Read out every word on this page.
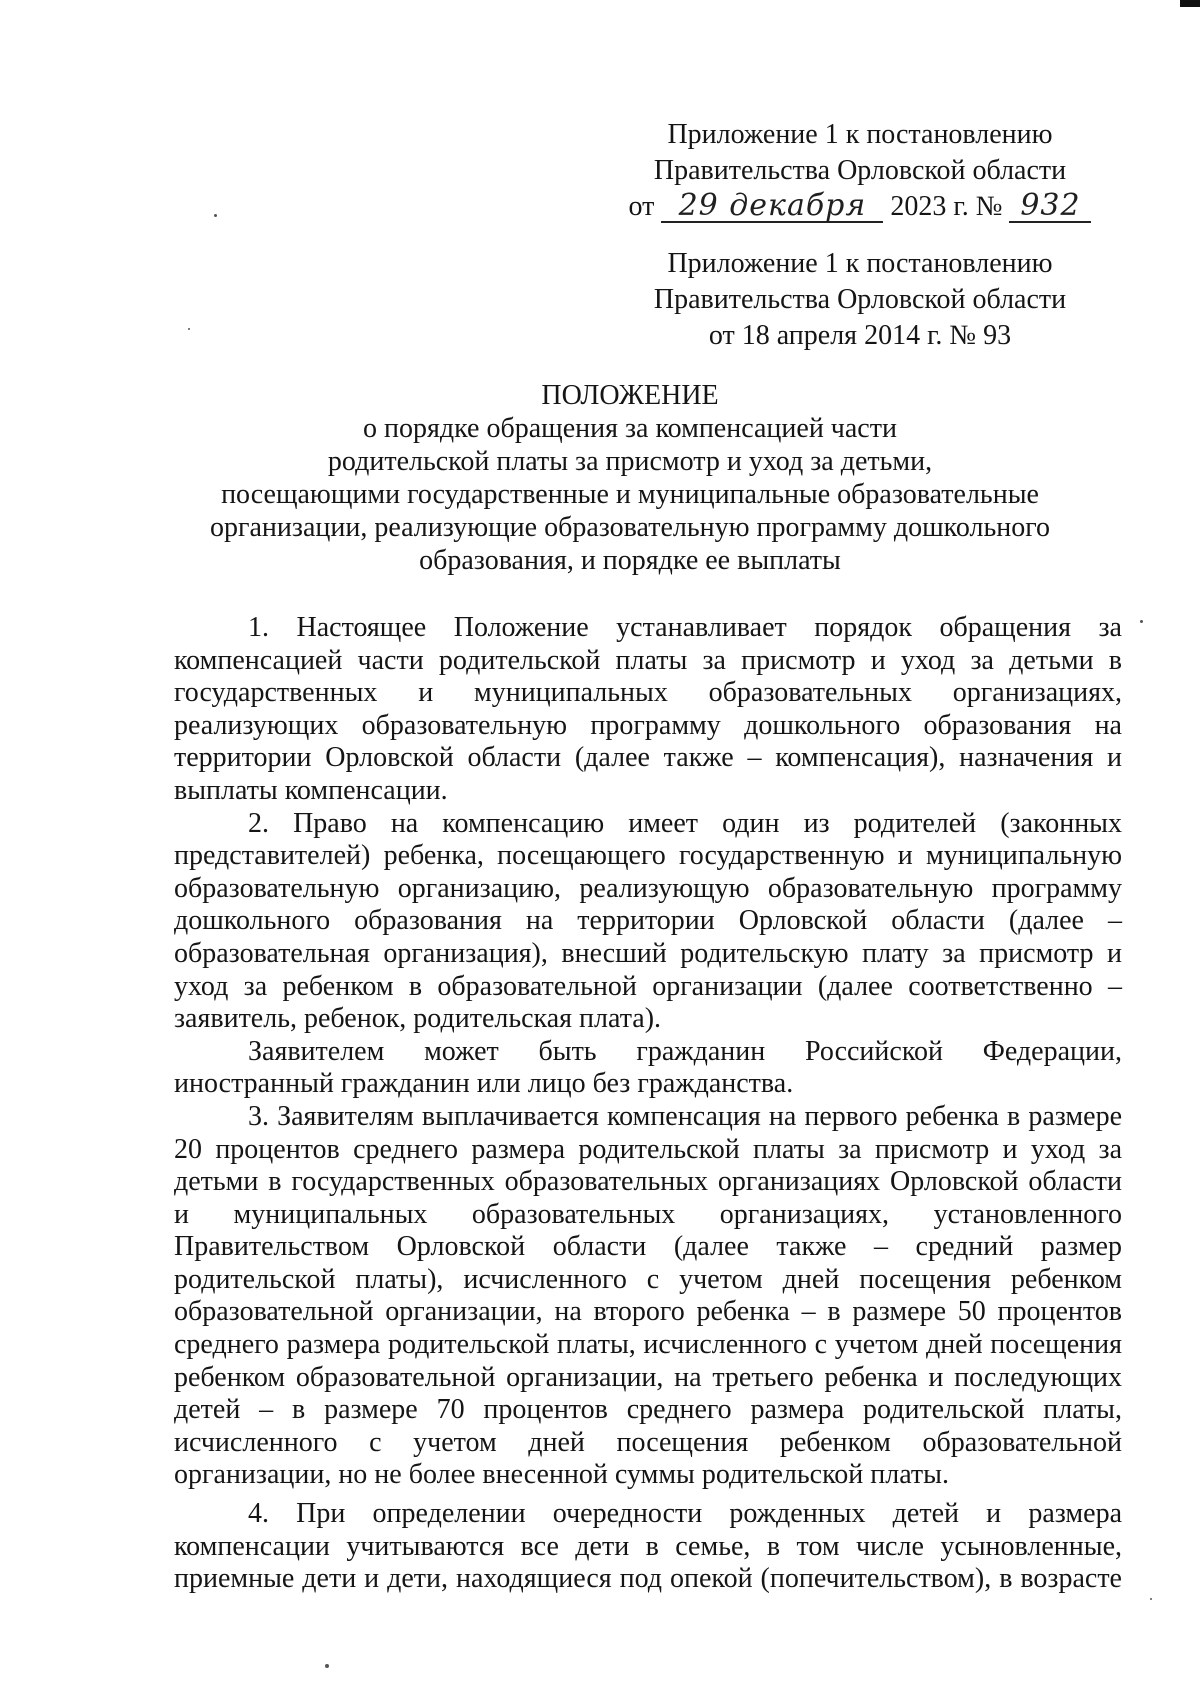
Приложение 1 к постановлению
Правительства Орловской области
от 29 декабря 2023 г. № 932
Приложение 1 к постановлению
Правительства Орловской области
от 18 апреля 2014 г. № 93
ПОЛОЖЕНИЕ
о порядке обращения за компенсацией части
родительской платы за присмотр и уход за детьми,
посещающими государственные и муниципальные образовательные
организации, реализующие образовательную программу дошкольного
образования, и порядке ее выплаты

1. Настоящее Положение устанавливает порядок обращения за компенсацией части родительской платы за присмотр и уход за детьми в государственных и муниципальных образовательных организациях, реализующих образовательную программу дошкольного образования на территории Орловской области (далее также – компенсация), назначения и выплаты компенсации.

2. Право на компенсацию имеет один из родителей (законных представителей) ребенка, посещающего государственную и муниципальную образовательную организацию, реализующую образовательную программу дошкольного образования на территории Орловской области (далее – образовательная организация), внесший родительскую плату за присмотр и уход за ребенком в образовательной организации (далее соответственно – заявитель, ребенок, родительская плата).

Заявителем может быть гражданин Российской Федерации, иностранный гражданин или лицо без гражданства.

3. Заявителям выплачивается компенсация на первого ребенка в размере 20 процентов среднего размера родительской платы за присмотр и уход за детьми в государственных образовательных организациях Орловской области и муниципальных образовательных организациях, установленного Правительством Орловской области (далее также – средний размер родительской платы), исчисленного с учетом дней посещения ребенком образовательной организации, на второго ребенка – в размере 50 процентов среднего размера родительской платы, исчисленного с учетом дней посещения ребенком образовательной организации, на третьего ребенка и последующих детей – в размере 70 процентов среднего размера родительской платы, исчисленного с учетом дней посещения ребенком образовательной организации, но не более внесенной суммы родительской платы.

4. При определении очередности рожденных детей и размера компенсации учитываются все дети в семье, в том числе усыновленные, приемные дети и дети, находящиеся под опекой (попечительством), в возрасте
